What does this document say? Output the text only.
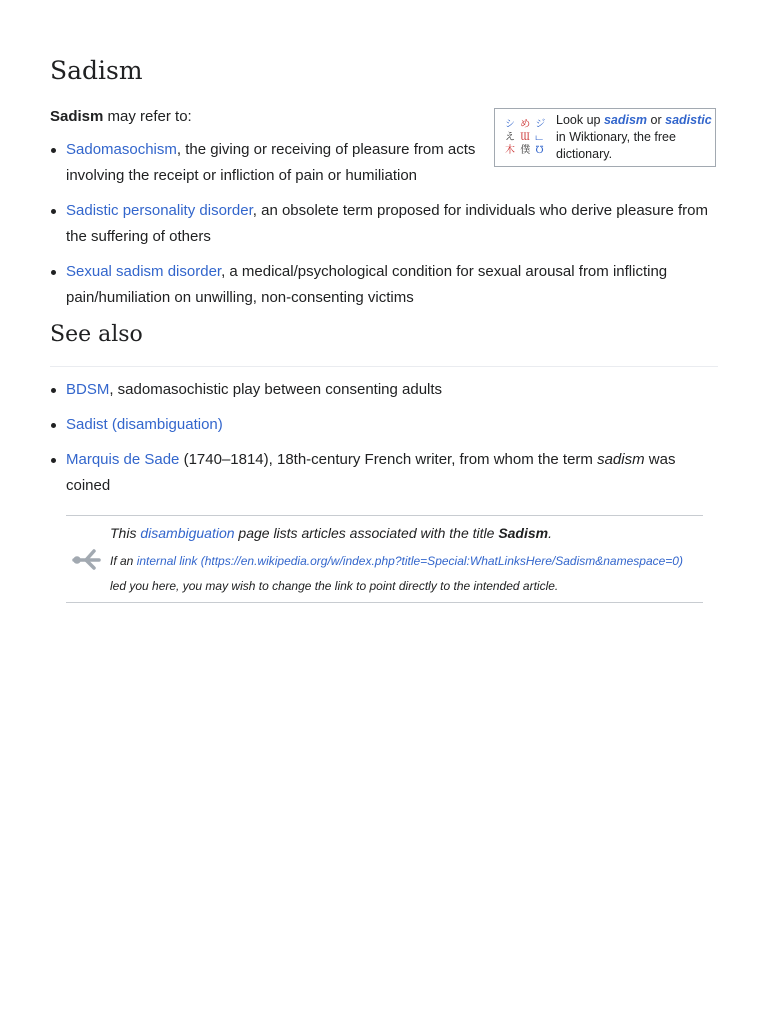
Sadism

Sadism may refer to:	シ め ジ
え Ɯ ட
木 僕 ℧
Look up sadism or sadistic in Wiktionary, the free dictionary.
Sadomasochism, the giving or receiving of pleasure from acts involving the receipt or infliction of pain or humiliation
Sadistic personality disorder, an obsolete term proposed for individuals who derive pleasure from the suffering of others
Sexual sadism disorder, a medical/psychological condition for sexual arousal from inflicting pain/humiliation on unwilling, non-consenting victims
See also
BDSM, sadomasochistic play between consenting adults
Sadist (disambiguation)
Marquis de Sade (1740–1814), 18th-century French writer, from whom the term sadism was coined
This disambiguation page lists articles associated with the title Sadism.
If an internal link (https://en.wikipedia.org/w/index.php?title=Special:WhatLinksHere/Sadism&namespace=0) led you here, you may wish to change the link to point directly to the intended article.
